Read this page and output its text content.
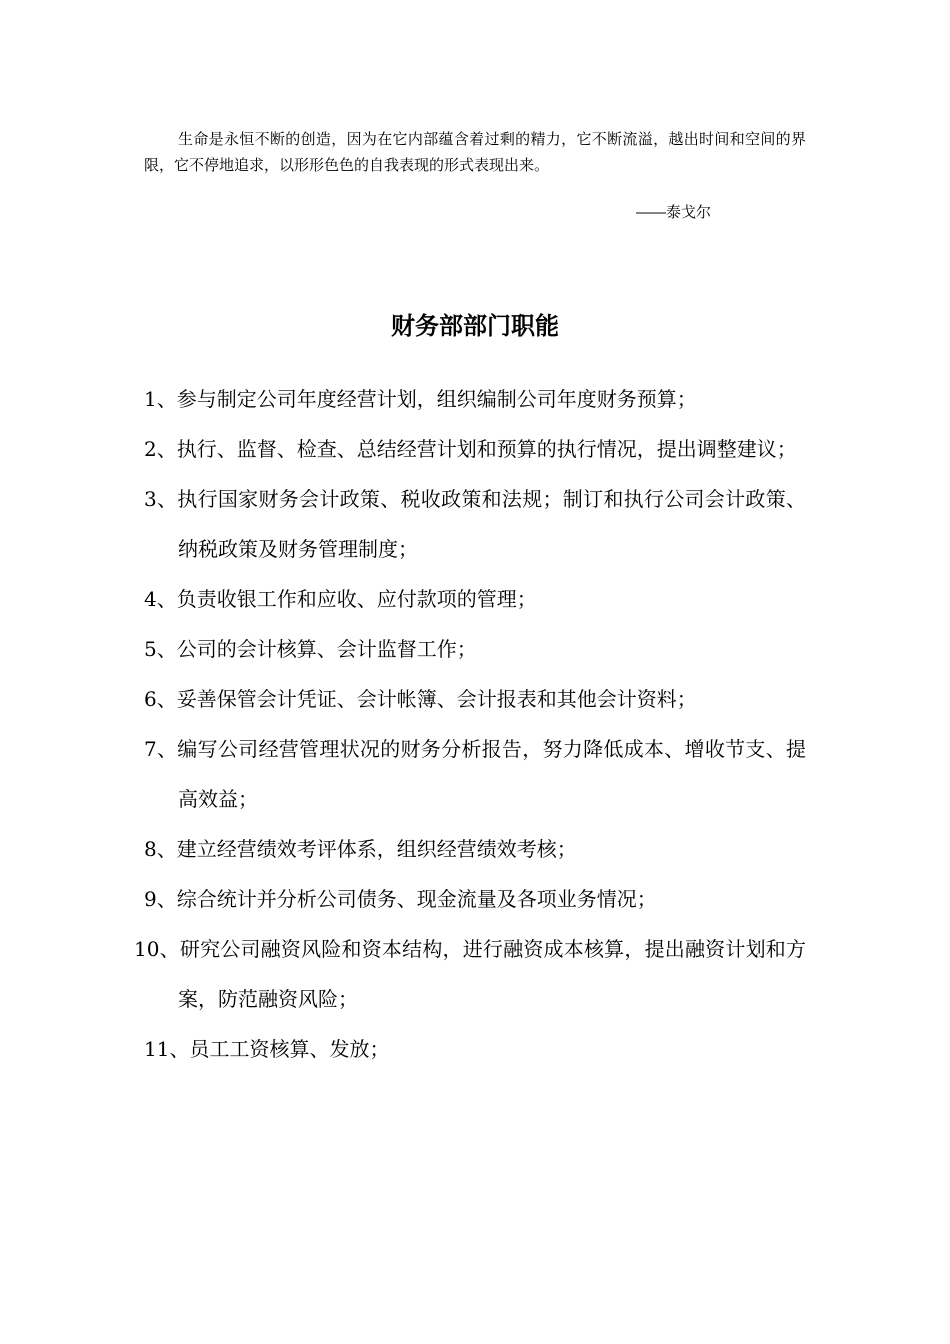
生命是永恒不断的创造，因为在它内部蕴含着过剩的精力，它不断流溢，越出时间和空间的界限，它不停地追求，以形形色色的自我表现的形式表现出来。

――泰戈尔
财务部部门职能
1、参与制定公司年度经营计划，组织编制公司年度财务预算；
2、执行、监督、检查、总结经营计划和预算的执行情况，提出调整建议；
3、执行国家财务会计政策、税收政策和法规；制订和执行公司会计政策、纳税政策及财务管理制度；
4、负责收银工作和应收、应付款项的管理；
5、公司的会计核算、会计监督工作；
6、妥善保管会计凭证、会计帐簿、会计报表和其他会计资料；
7、编写公司经营管理状况的财务分析报告，努力降低成本、增收节支、提高效益；
8、建立经营绩效考评体系，组织经营绩效考核；
9、综合统计并分析公司债务、现金流量及各项业务情况；
10、研究公司融资风险和资本结构，进行融资成本核算，提出融资计划和方案，防范融资风险；
11、员工工资核算、发放；
